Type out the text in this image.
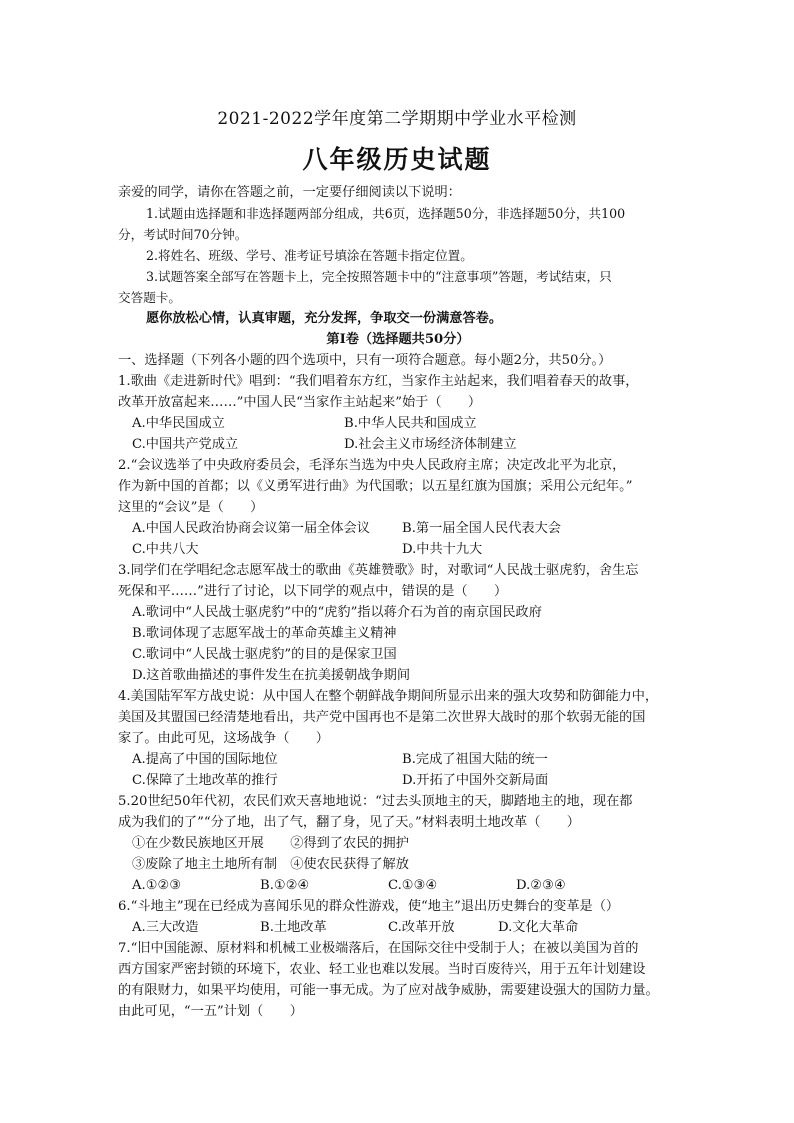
2021-2022学年度第二学期期中学业水平检测
八年级历史试题
亲爱的同学，请你在答题之前，一定要仔细阅读以下说明：
1.试题由选择题和非选择题两部分组成，共6页，选择题50分，非选择题50分，共100
分，考试时间70分钟。
2.将姓名、班级、学号、准考证号填涂在答题卡指定位置。
3.试题答案全部写在答题卡上，完全按照答题卡中的“注意事项”答题，考试结束，只
交答题卡。
愿你放松心情，认真审题，充分发挥，争取交一份满意答卷。
第Ⅰ卷（选择题共50分）
一、选择题（下列各小题的四个选项中，只有一项符合题意。每小题2分，共50分。）
1.歌曲《走进新时代》唱到：“我们唱着东方红，当家作主站起来，我们唱着春天的故事，
改革开放富起来……”中国人民“当家作主站起来”始于（　　）
A.中华民国成立	B.中华人民共和国成立
C.中国共产党成立	D.社会主义市场经济体制建立
2.“会议选举了中央政府委员会，毛泽东当选为中央人民政府主席；决定改北平为北京，
作为新中国的首都；以《义勇军进行曲》为代国歌；以五星红旗为国旗；采用公元纪年。”
这里的“会议”是（　　）
A.中国人民政治协商会议第一届全体会议	B.第一届全国人民代表大会
C.中共八大	D.中共十九大
3.同学们在学唱纪念志愿军战士的歌曲《英雄赞歌》时，对歌词“人民战士驱虎豹，舍生忘
死保和平……”进行了讨论，以下同学的观点中，错误的是（　　）
A.歌词中“人民战士驱虎豹”中的“虎豹”指以蒋介石为首的南京国民政府
B.歌词体现了志愿军战士的革命英雄主义精神
C.歌词中“人民战士驱虎豹”的目的是保家卫国
D.这首歌曲描述的事件发生在抗美援朝战争期间
4.美国陆军军方战史说：从中国人在整个朝鲜战争期间所显示出来的强大攻势和防御能力中，
美国及其盟国已经清楚地看出，共产党中国再也不是第二次世界大战时的那个软弱无能的国
家了。由此可见，这场战争（　　）
A.提高了中国的国际地位	B.完成了祖国大陆的统一
C.保障了土地改革的推行	D.开拓了中国外交新局面
5.20世纪50年代初，农民们欢天喜地地说：“过去头顶地主的天，脚踏地主的地，现在都
成为我们的了”“分了地，出了气，翻了身，见了天。”材料表明土地改革（　　）
①在少数民族地区开展　　②得到了农民的拥护
③废除了地主土地所有制　④使农民获得了解放
A.①②③	B.①②④	C.①③④	D.②③④
6.“斗地主”现在已经成为喜闻乐见的群众性游戏，使“地主”退出历史舞台的变革是（）
A.三大改造	B.土地改革	C.改革开放	D.文化大革命
7.“旧中国能源、原材料和机械工业极端落后，在国际交往中受制于人；在被以美国为首的
西方国家严密封锁的环境下，农业、轻工业也难以发展。当时百废待兴，用于五年计划建设
的有限财力，如果平均使用，可能一事无成。为了应对战争威胁，需要建设强大的国防力量。
由此可见，“一五”计划（　　）
